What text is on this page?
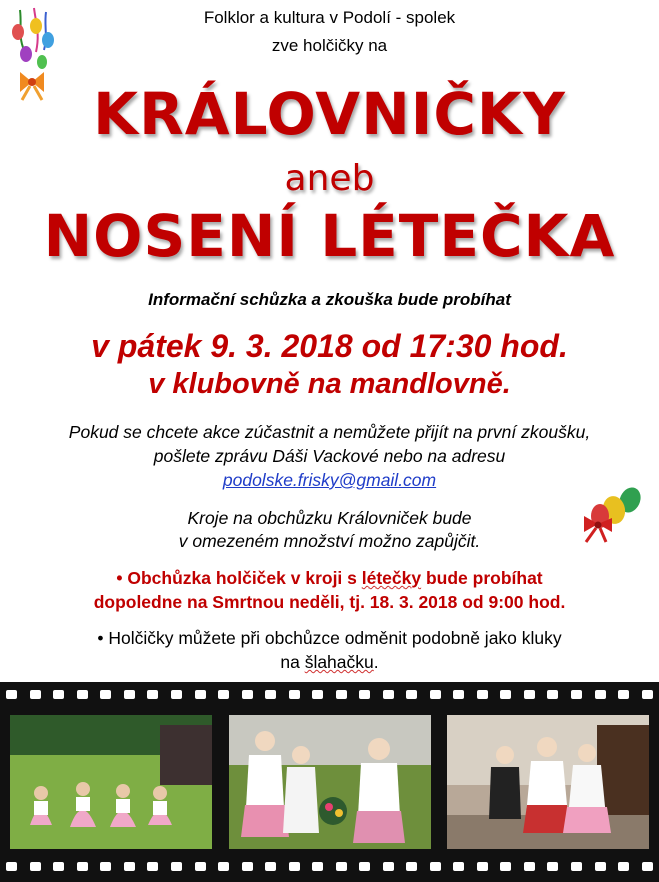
Folklor a kultura v Podolí - spolek
zve holčičky na
KRÁLOVNIČKY
aneb
NOSENÍ LÉTEČKA
Informační schůzka a zkouška bude probíhat
v pátek 9. 3. 2018 od 17:30 hod.
v klubovně na mandlovně.
Pokud se chcete akce zúčastnit a nemůžete přijít na první zkoušku,
pošlete zprávu Dáši Vackové nebo na adresu
podolske.frisky@gmail.com
Kroje na obchůzku Královniček bude
v omezeném množství možno zapůjčit.
• Obchůzka holčiček v kroji s létečky bude probíhat
dopoledne na Smrtnou neděli, tj. 18. 3. 2018 od 9:00 hod.
• Holčičky můžete při obchůzce odměnit podobně jako kluky
na šlahačku.
